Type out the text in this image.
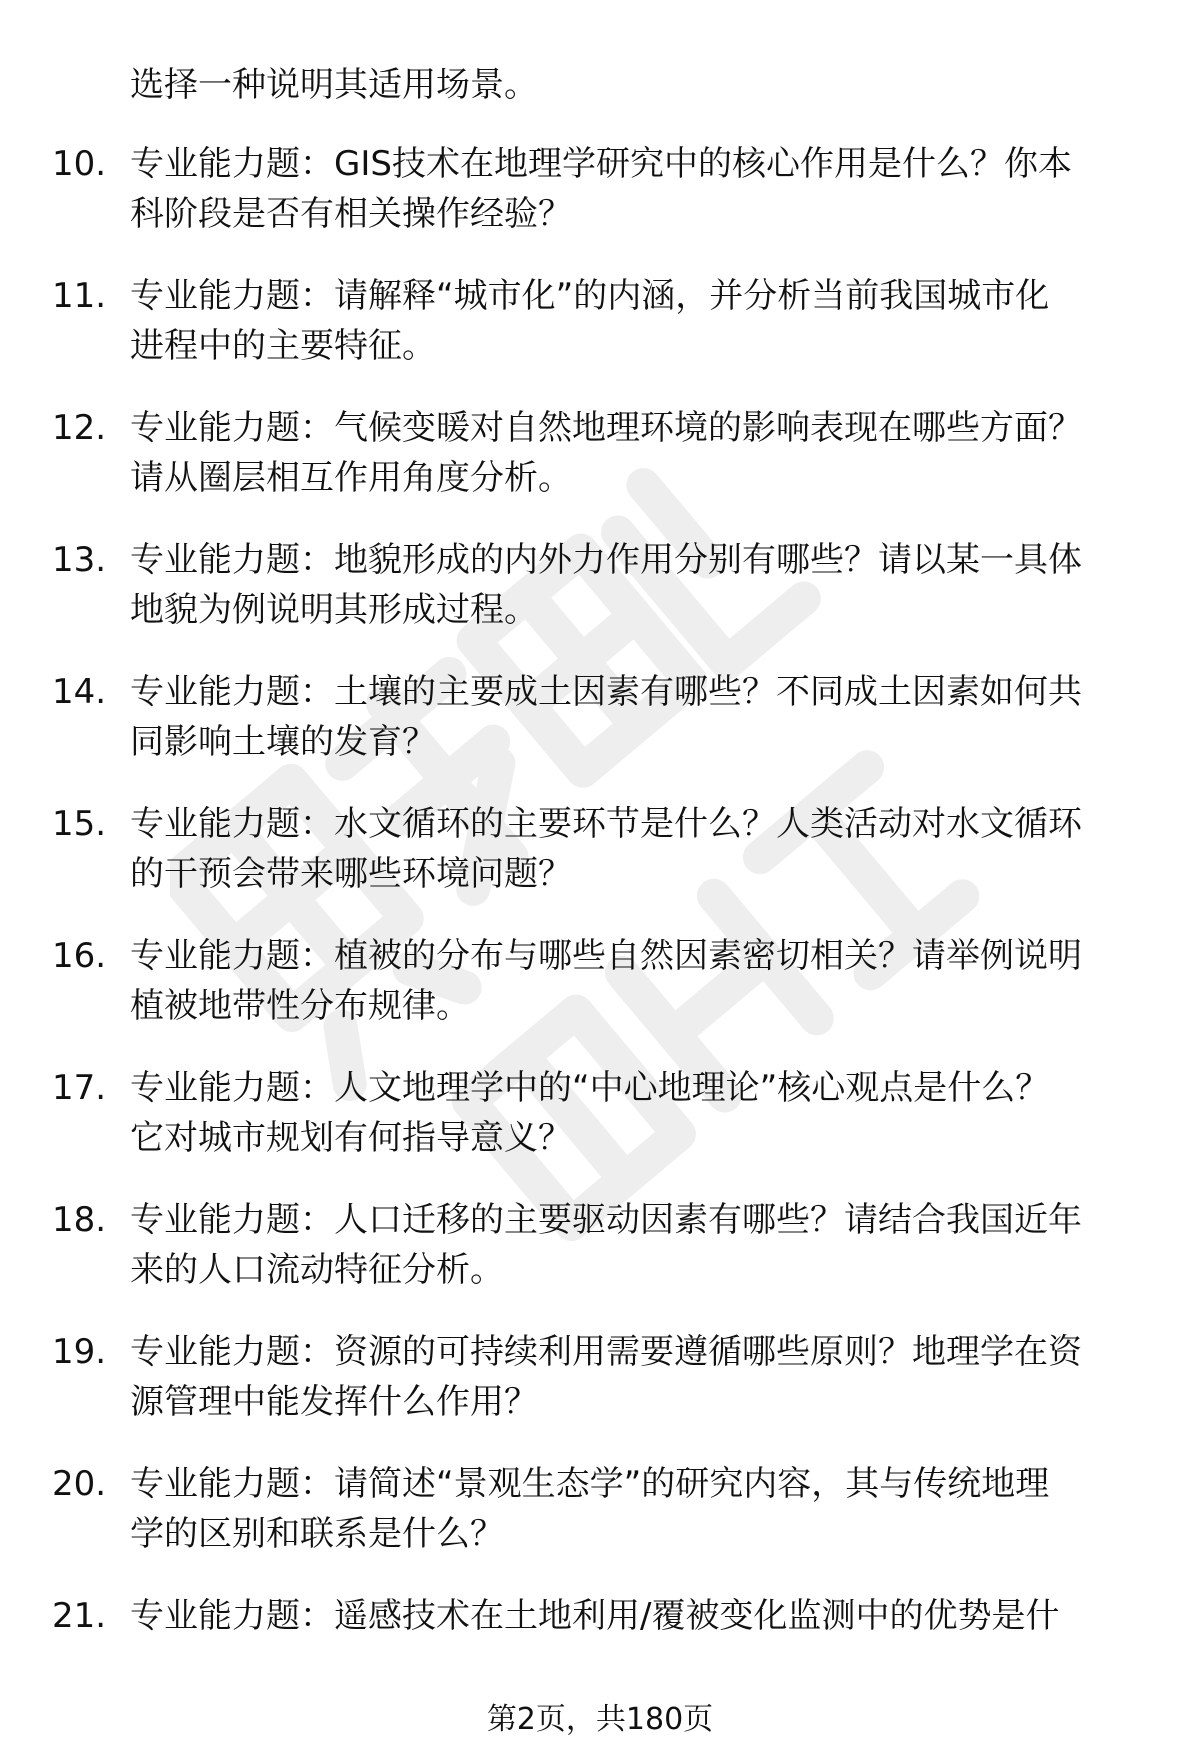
选择一种说明其适用场景。
10. 专业能力题：GIS技术在地理学研究中的核心作用是什么？你本
科阶段是否有相关操作经验？
11. 专业能力题：请解释“城市化”的内涵，并分析当前我国城市化
进程中的主要特征。
12. 专业能力题：气候变暖对自然地理环境的影响表现在哪些方面？
请从圈层相互作用角度分析。
13. 专业能力题：地貌形成的内外力作用分别有哪些？请以某一具体
地貌为例说明其形成过程。
14. 专业能力题：土壤的主要成土因素有哪些？不同成土因素如何共
同影响土壤的发育？
15. 专业能力题：水文循环的主要环节是什么？人类活动对水文循环
的干预会带来哪些环境问题？
16. 专业能力题：植被的分布与哪些自然因素密切相关？请举例说明
植被地带性分布规律。
17. 专业能力题：人文地理学中的“中心地理论”核心观点是什么？
它对城市规划有何指导意义？
18. 专业能力题：人口迁移的主要驱动因素有哪些？请结合我国近年
来的人口流动特征分析。
19. 专业能力题：资源的可持续利用需要遵循哪些原则？地理学在资
源管理中能发挥什么作用？
20. 专业能力题：请简述“景观生态学”的研究内容，其与传统地理
学的区别和联系是什么？
21. 专业能力题：遥感技术在土地利用/覆被变化监测中的优势是什
第2页，共180页
